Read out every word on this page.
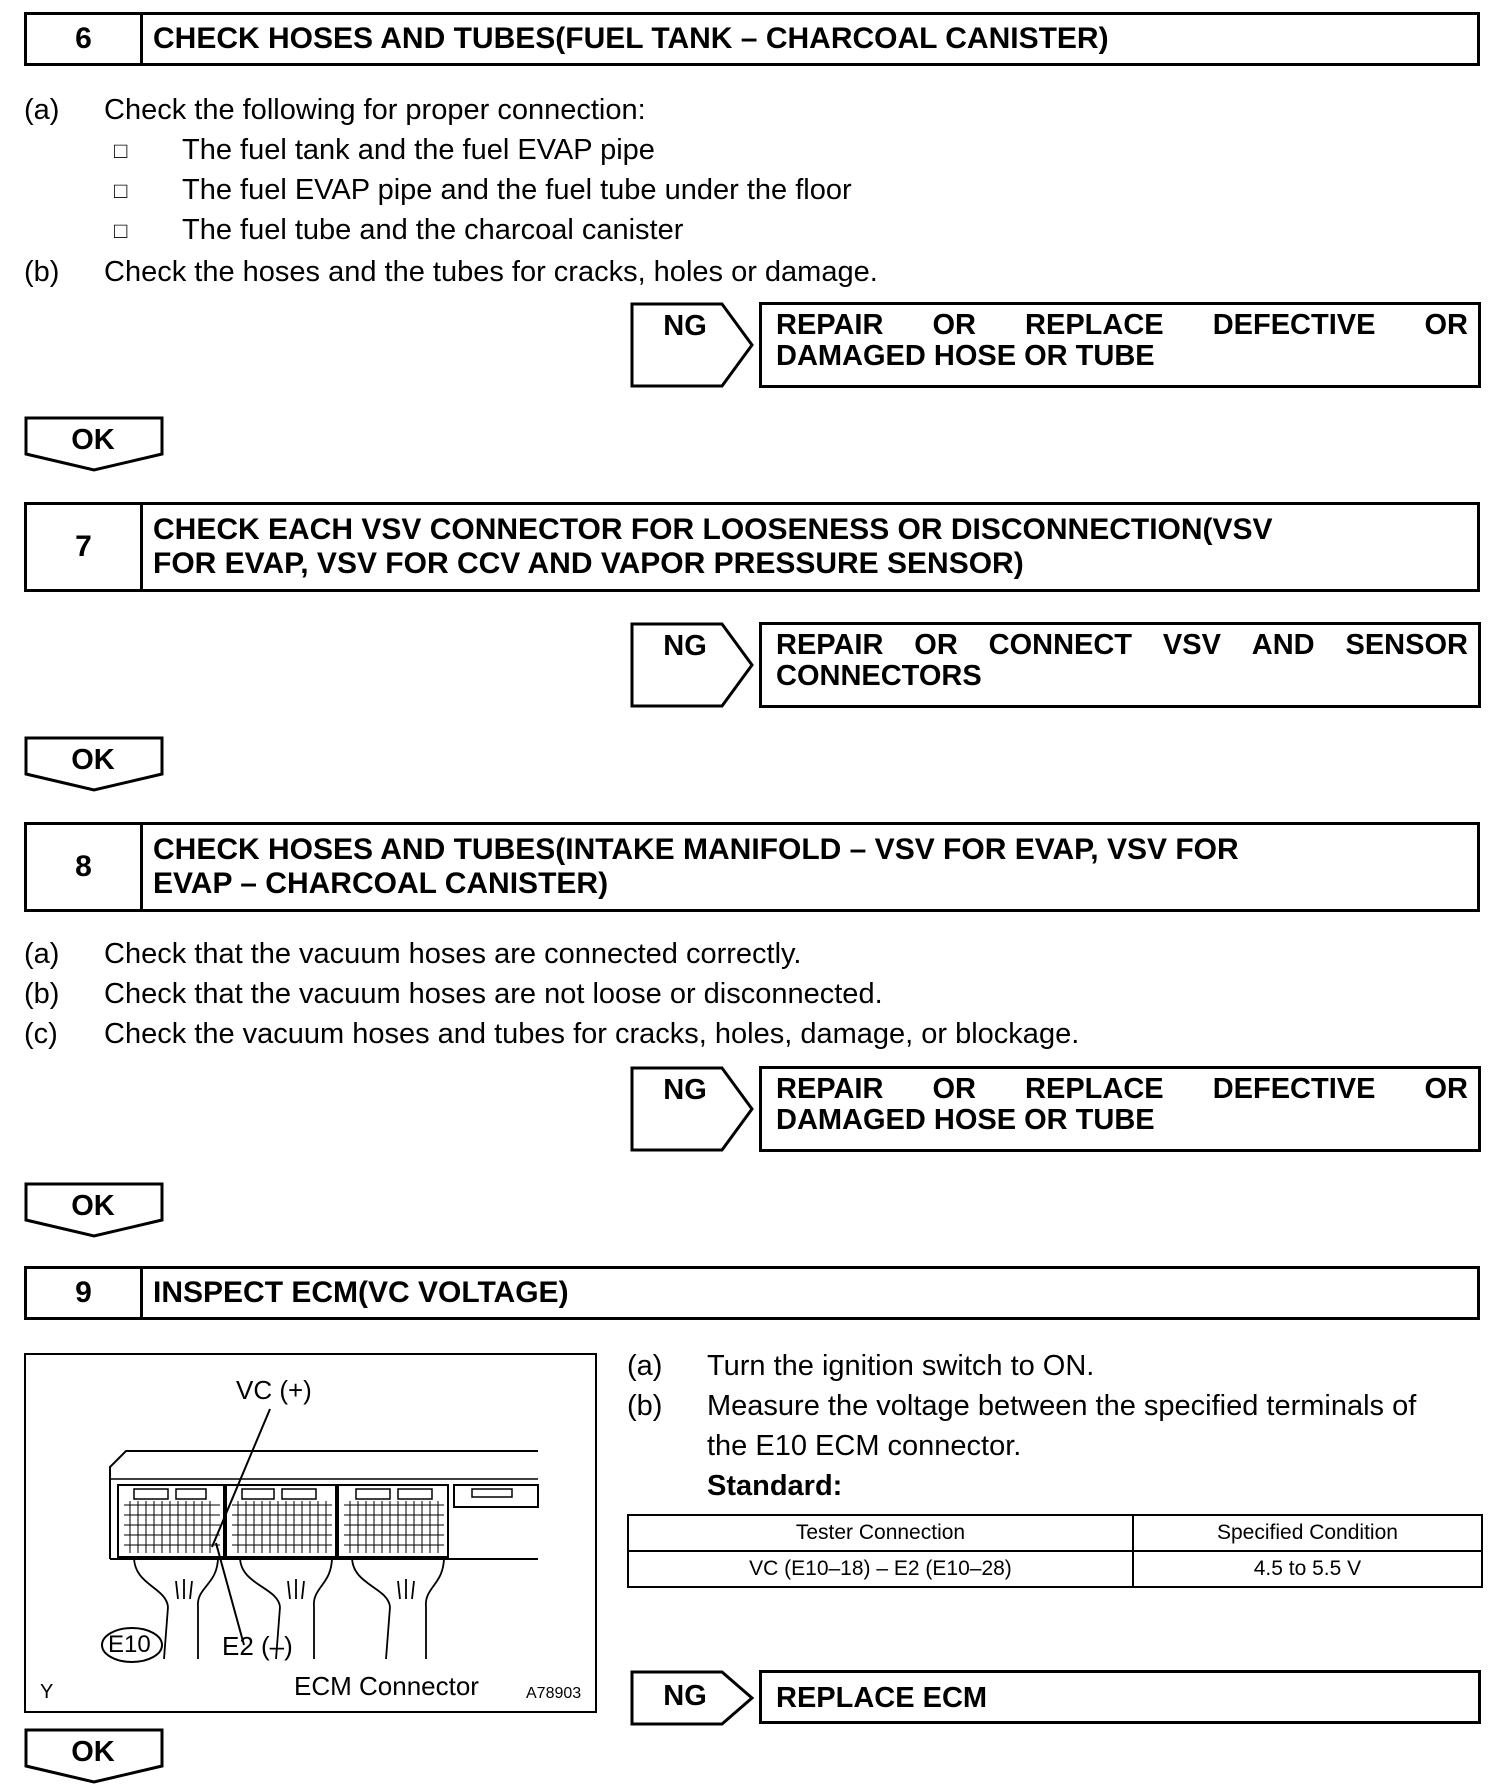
6	CHECK HOSES AND TUBES(FUEL TANK – CHARCOAL CANISTER)
(a) Check the following for proper connection:
□ The fuel tank and the fuel EVAP pipe
□ The fuel EVAP pipe and the fuel tube under the floor
□ The fuel tube and the charcoal canister
(b) Check the hoses and the tubes for cracks, holes or damage.
NG	REPAIR OR REPLACE DEFECTIVE OR
DAMAGED HOSE OR TUBE
OK
7
CHECK EACH VSV CONNECTOR FOR LOOSENESS OR DISCONNECTION(VSV
FOR EVAP, VSV FOR CCV AND VAPOR PRESSURE SENSOR)
NG	REPAIR OR CONNECT VSV AND SENSOR
CONNECTORS
OK
8
CHECK HOSES AND TUBES(INTAKE MANIFOLD – VSV FOR EVAP, VSV FOR
EVAP – CHARCOAL CANISTER)
(a) Check that the vacuum hoses are connected correctly.
(b) Check that the vacuum hoses are not loose or disconnected.
(c) Check the vacuum hoses and tubes for cracks, holes, damage, or blockage.
NG	REPAIR OR REPLACE DEFECTIVE OR
DAMAGED HOSE OR TUBE
OK
9	INSPECT ECM(VC VOLTAGE)
VC (+)
E2 (–)
E10
ECM Connector
Y	A78903
(a) Turn the ignition switch to ON.
(b) Measure the voltage between the specified terminals of
the E10 ECM connector.
Standard:
Tester Connection	Specified Condition
VC (E10–18) – E2 (E10–28)	4.5 to 5.5 V
NG	REPLACE ECM
OK
